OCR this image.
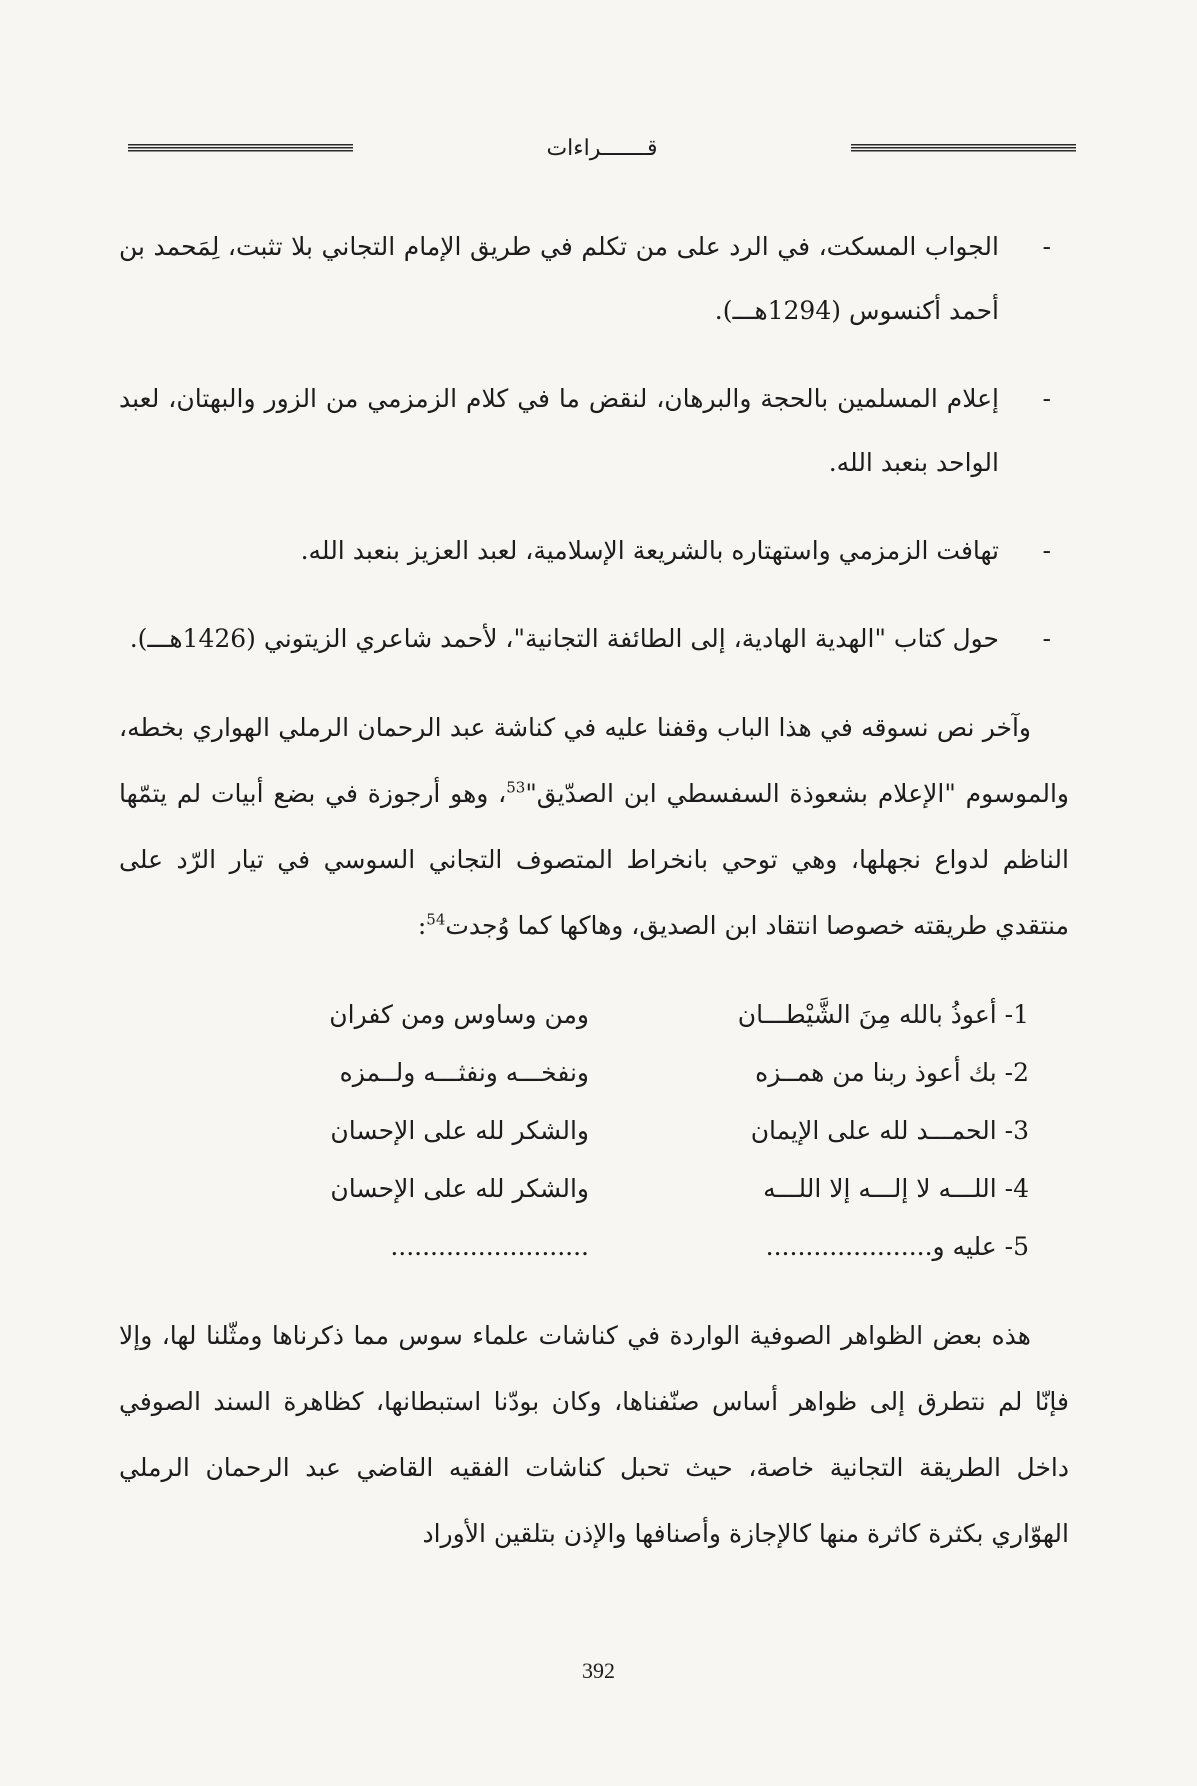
قـــــــراءات
-
الجواب المسكت، في الرد على من تكلم في طريق الإمام التجاني بلا تثبت، لِمَحمد بن أحمد أكنسوس (1294هـــ).
-
إعلام المسلمين بالحجة والبرهان، لنقض ما في كلام الزمزمي من الزور والبهتان، لعبد الواحد بنعبد الله.
-
تهافت الزمزمي واستهتاره بالشريعة الإسلامية، لعبد العزيز بنعبد الله.
-
حول كتاب "الهدية الهادية، إلى الطائفة التجانية"، لأحمد شاعري الزيتوني (1426هـــ).

وآخر نص نسوقه في هذا الباب وقفنا عليه في كناشة عبد الرحمان الرملي الهواري بخطه، والموسوم "الإعلام بشعوذة السفسطي ابن الصدّيق"$^{53}$، وهو أرجوزة في بضع أبيات لم يتمّها الناظم لدواع نجهلها، وهي توحي بانخراط المتصوف التجاني السوسي في تيار الرّد على منتقدي طريقته خصوصا انتقاد ابن الصديق، وهاكها كما وُجدت$^{54}$:

1- أعوذُ بالله مِنَ الشَّيْطـــان
ومن وساوس ومن كفران
2- بك أعوذ ربنا من همــزه
ونفخـــه ونفثـــه ولــمزه
3- الحمـــد لله على الإيمان
والشكر لله على الإحسان
4- اللـــه لا إلـــه إلا اللـــه
والشكر لله على الإحسان
5- عليه و.....................
.........................

هذه بعض الظواهر الصوفية الواردة في كناشات علماء سوس مما ذكرناها ومثّلنا لها، وإلا فإنّا لم نتطرق إلى ظواهر أساس صنّفناها، وكان بودّنا استبطانها، كظاهرة السند الصوفي داخل الطريقة التجانية خاصة، حيث تحبل كناشات الفقيه القاضي عبد الرحمان الرملي الهوّاري بكثرة كاثرة منها كالإجازة وأصنافها والإذن بتلقين الأوراد

392
